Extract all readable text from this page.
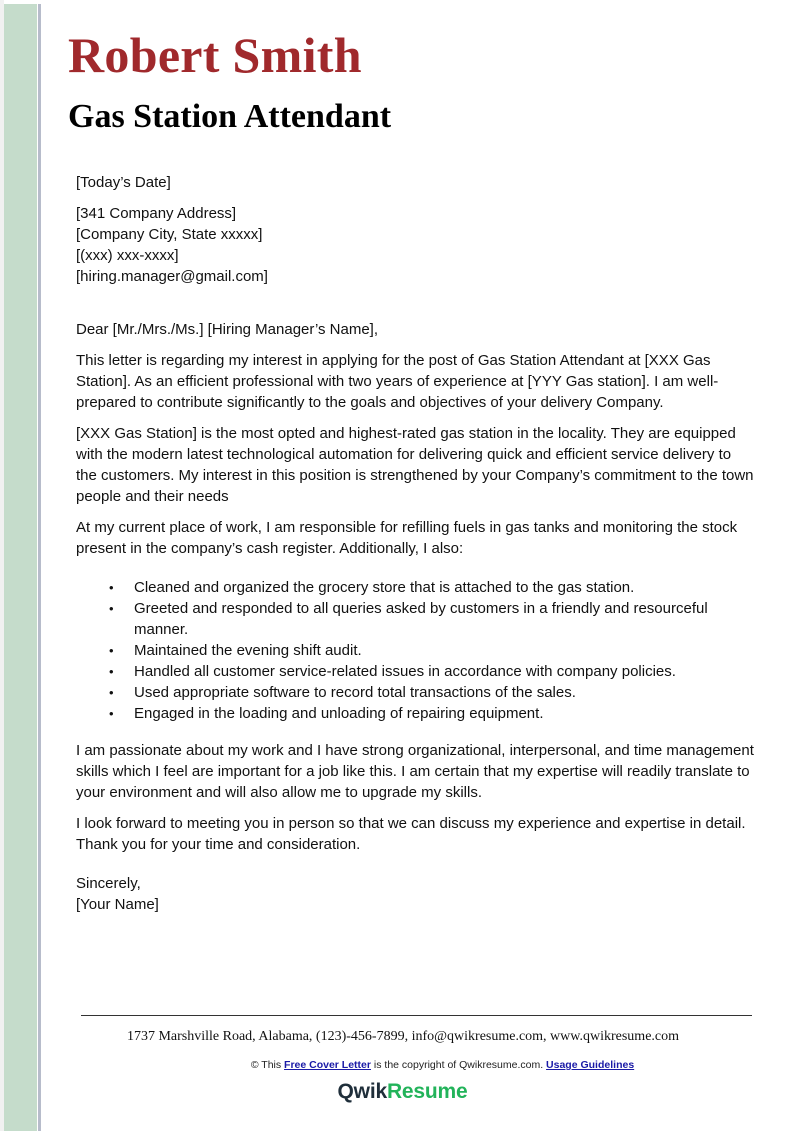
Robert Smith
Gas Station Attendant

[Today’s Date]

[341 Company Address]
[Company City, State xxxxx]
[(xxx) xxx-xxxx]
[hiring.manager@gmail.com]

Dear [Mr./Mrs./Ms.] [Hiring Manager’s Name],

This letter is regarding my interest in applying for the post of Gas Station Attendant at [XXX Gas Station]. As an efficient professional with two years of experience at [YYY Gas station]. I am well-prepared to contribute significantly to the goals and objectives of your delivery Company.

[XXX Gas Station] is the most opted and highest-rated gas station in the locality. They are equipped with the modern latest technological automation for delivering quick and efficient service delivery to the customers. My interest in this position is strengthened by your Company’s commitment to the town people and their needs

At my current place of work, I am responsible for refilling fuels in gas tanks and monitoring the stock present in the company’s cash register. Additionally, I also:

• Cleaned and organized the grocery store that is attached to the gas station.
• Greeted and responded to all queries asked by customers in a friendly and resourceful manner.
• Maintained the evening shift audit.
• Handled all customer service-related issues in accordance with company policies.
• Used appropriate software to record total transactions of the sales.
• Engaged in the loading and unloading of repairing equipment.

I am passionate about my work and I have strong organizational, interpersonal, and time management skills which I feel are important for a job like this. I am certain that my expertise will readily translate to your environment and will also allow me to upgrade my skills.

I look forward to meeting you in person so that we can discuss my experience and expertise in detail. Thank you for your time and consideration.

Sincerely,

[Your Name]

1737 Marshville Road, Alabama, (123)-456-7899, info@qwikresume.com, www.qwikresume.com
© This Free Cover Letter is the copyright of Qwikresume.com. Usage Guidelines
QwikResume
